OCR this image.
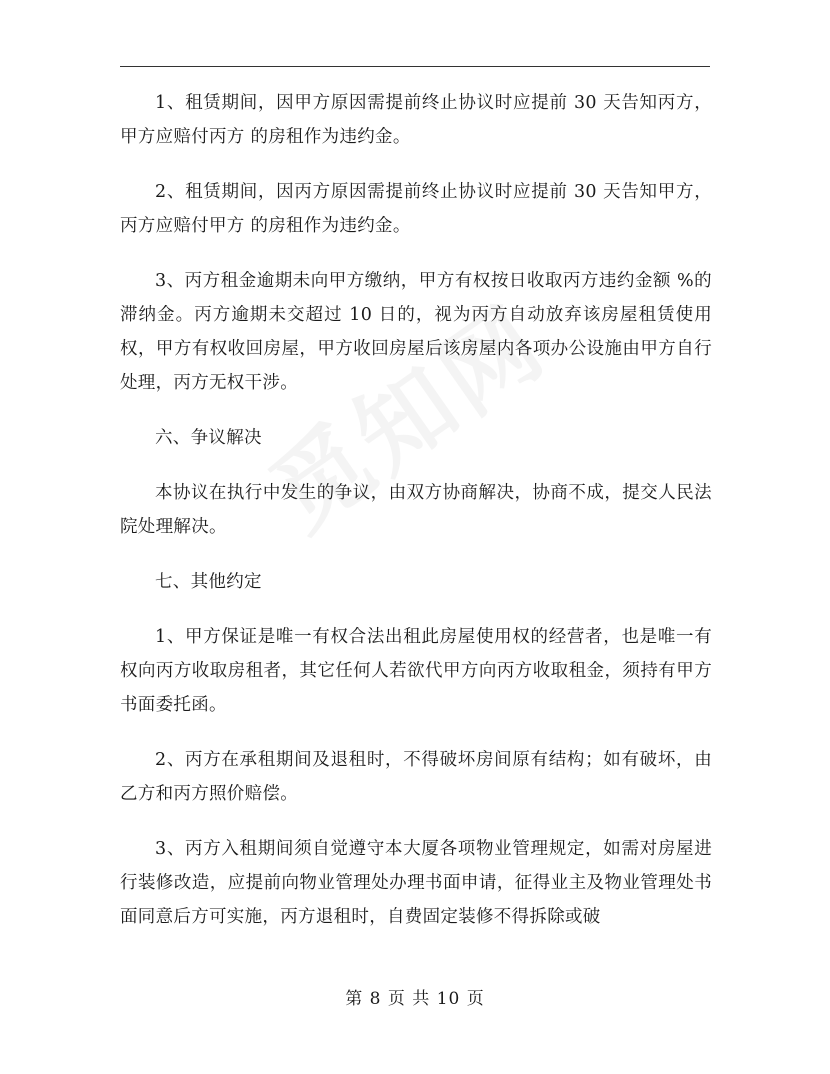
1、租赁期间，因甲方原因需提前终止协议时应提前 30 天告知丙方，甲方应赔付丙方 的房租作为违约金。

2、租赁期间，因丙方原因需提前终止协议时应提前 30 天告知甲方，丙方应赔付甲方 的房租作为违约金。

3、丙方租金逾期未向甲方缴纳，甲方有权按日收取丙方违约金额 %的滞纳金。丙方逾期未交超过 10 日的，视为丙方自动放弃该房屋租赁使用权，甲方有权收回房屋，甲方收回房屋后该房屋内各项办公设施由甲方自行处理，丙方无权干涉。

六、争议解决

本协议在执行中发生的争议，由双方协商解决，协商不成，提交人民法院处理解决。

七、其他约定

1、甲方保证是唯一有权合法出租此房屋使用权的经营者，也是唯一有权向丙方收取房租者，其它任何人若欲代甲方向丙方收取租金，须持有甲方书面委托函。

2、丙方在承租期间及退租时，不得破坏房间原有结构；如有破坏，由乙方和丙方照价赔偿。

3、丙方入租期间须自觉遵守本大厦各项物业管理规定，如需对房屋进行装修改造，应提前向物业管理处办理书面申请，征得业主及物业管理处书面同意后方可实施，丙方退租时，自费固定装修不得拆除或破

第 8 页 共 10 页
